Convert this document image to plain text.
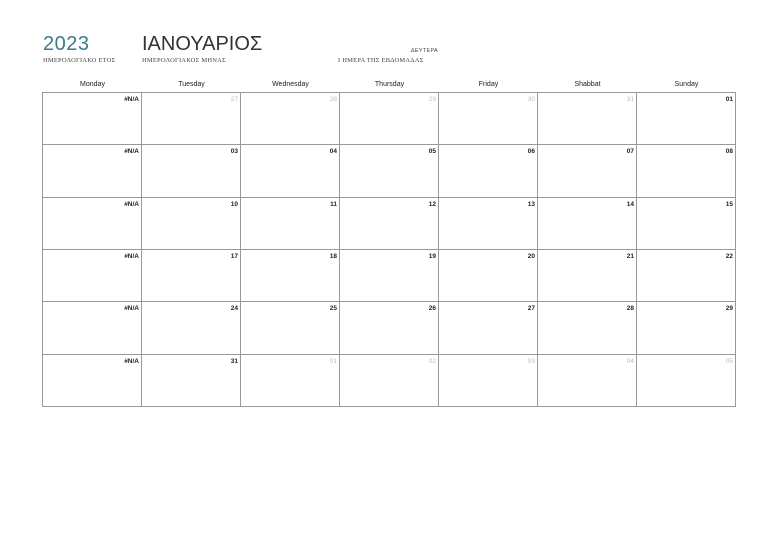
2023
ΗΜΕΡΟΛΟΓΙΑΚΟ ΕΤΟΣ
ΙΑΝΟΥΑΡΙΟΣ
ΗΜΕΡΟΛΟΓΙΑΚΟΣ ΜΗΝΑΣ
ΔΕΥΤΕΡΑ
Ι ΗΜΕΡΑ ΤΗΣ ΕΒΔΟΜΑΔΑΣ
Monday	Tuesday	Wednesday	Thursday	Friday	Shabbat	Sunday
#N/A	27	28	29	30	31	01
#N/A	03	04	05	06	07	08
#N/A	10	11	12	13	14	15
#N/A	17	18	19	20	21	22
#N/A	24	25	26	27	28	29
#N/A	31	01	02	03	04	05
